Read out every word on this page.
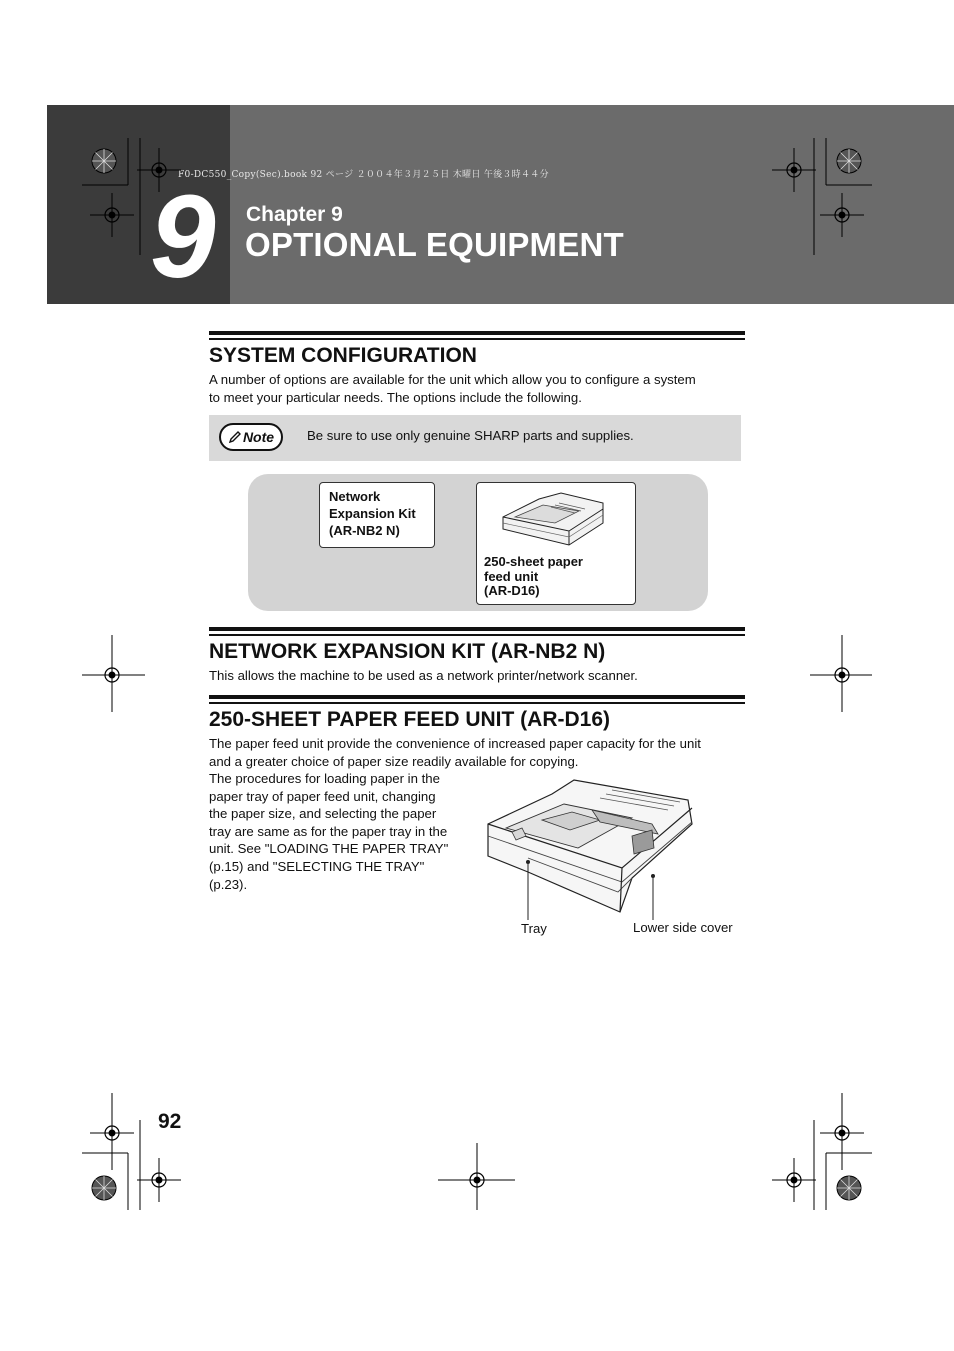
9	Chapter 9
OPTIONAL EQUIPMENT
F0-DC550_Copy(Sec).book 92 ページ ２００４年３月２５日 木曜日 午後３時４４分
SYSTEM CONFIGURATION
A number of options are available for the unit which allow you to configure a system
to meet your particular needs. The options include the following.
Note Be sure to use only genuine SHARP parts and supplies.
Network
Expansion Kit
(AR-NB2 N)
250-sheet paper
feed unit
(AR-D16)
NETWORK EXPANSION KIT (AR-NB2 N)
This allows the machine to be used as a network printer/network scanner.
250-SHEET PAPER FEED UNIT (AR-D16)
The paper feed unit provide the convenience of increased paper capacity for the unit
and a greater choice of paper size readily available for copying.
The procedures for loading paper in the
paper tray of paper feed unit, changing
the paper size, and selecting the paper
tray are same as for the paper tray in the
unit. See "LOADING THE PAPER TRAY"
(p.15) and "SELECTING THE TRAY"
(p.23).
Tray	Lower side cover
92
